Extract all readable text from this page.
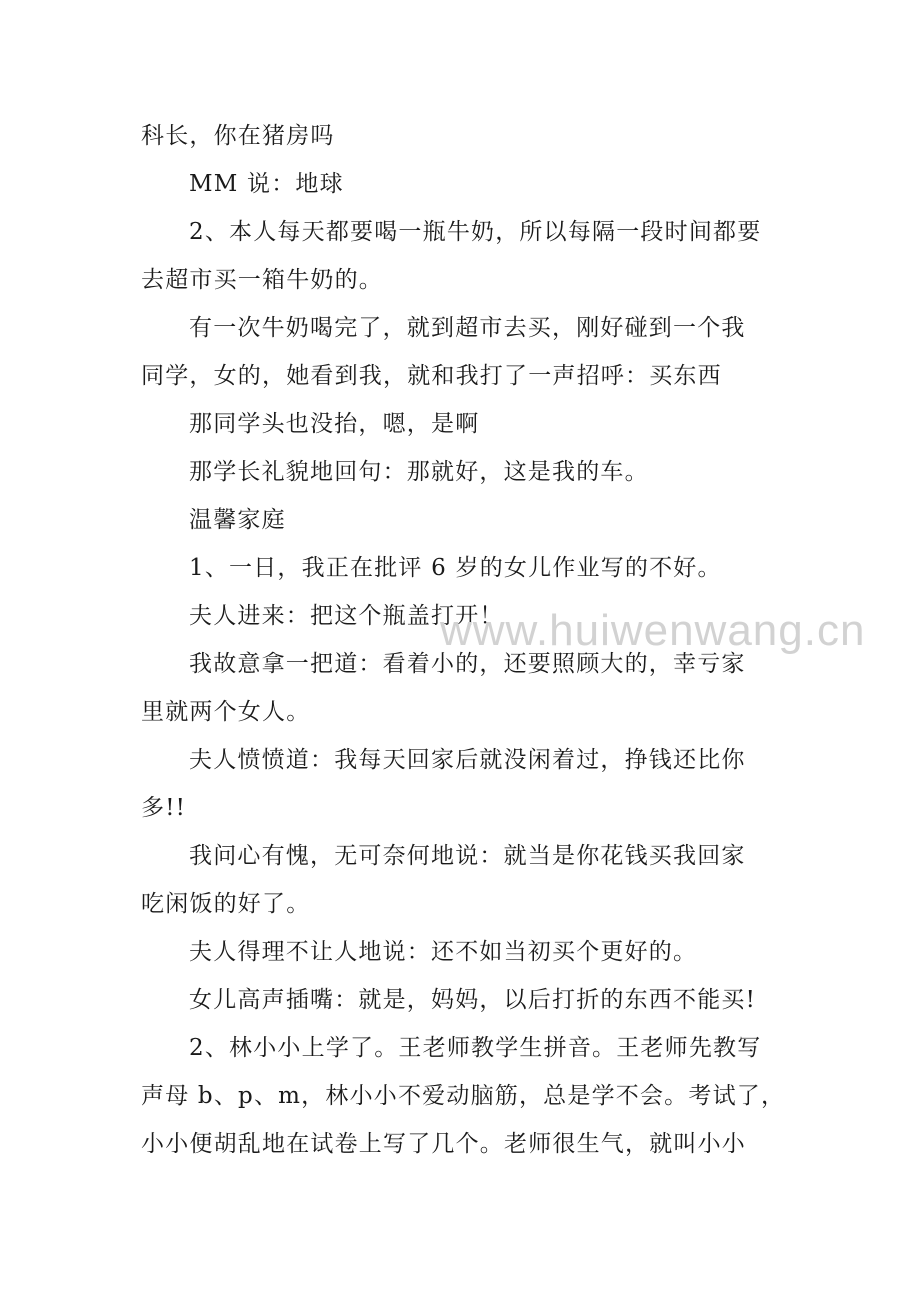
科长，你在猪房吗

MM 说：地球

2、本人每天都要喝一瓶牛奶，所以每隔一段时间都要

去超市买一箱牛奶的。

有一次牛奶喝完了，就到超市去买，刚好碰到一个我

同学，女的，她看到我，就和我打了一声招呼：买东西

那同学头也没抬，嗯，是啊

那学长礼貌地回句：那就好，这是我的车。

温馨家庭

1、一日，我正在批评 6 岁的女儿作业写的不好。

夫人进来：把这个瓶盖打开！

我故意拿一把道：看着小的，还要照顾大的，幸亏家

里就两个女人。

夫人愤愤道：我每天回家后就没闲着过，挣钱还比你

多!!

我问心有愧，无可奈何地说：就当是你花钱买我回家

吃闲饭的好了。

夫人得理不让人地说：还不如当初买个更好的。

女儿高声插嘴：就是，妈妈，以后打折的东西不能买!

2、林小小上学了。王老师教学生拼音。王老师先教写

声母 b、p、m，林小小不爱动脑筋，总是学不会。考试了，

小小便胡乱地在试卷上写了几个。老师很生气，就叫小小

www.huiwenwang.cn
